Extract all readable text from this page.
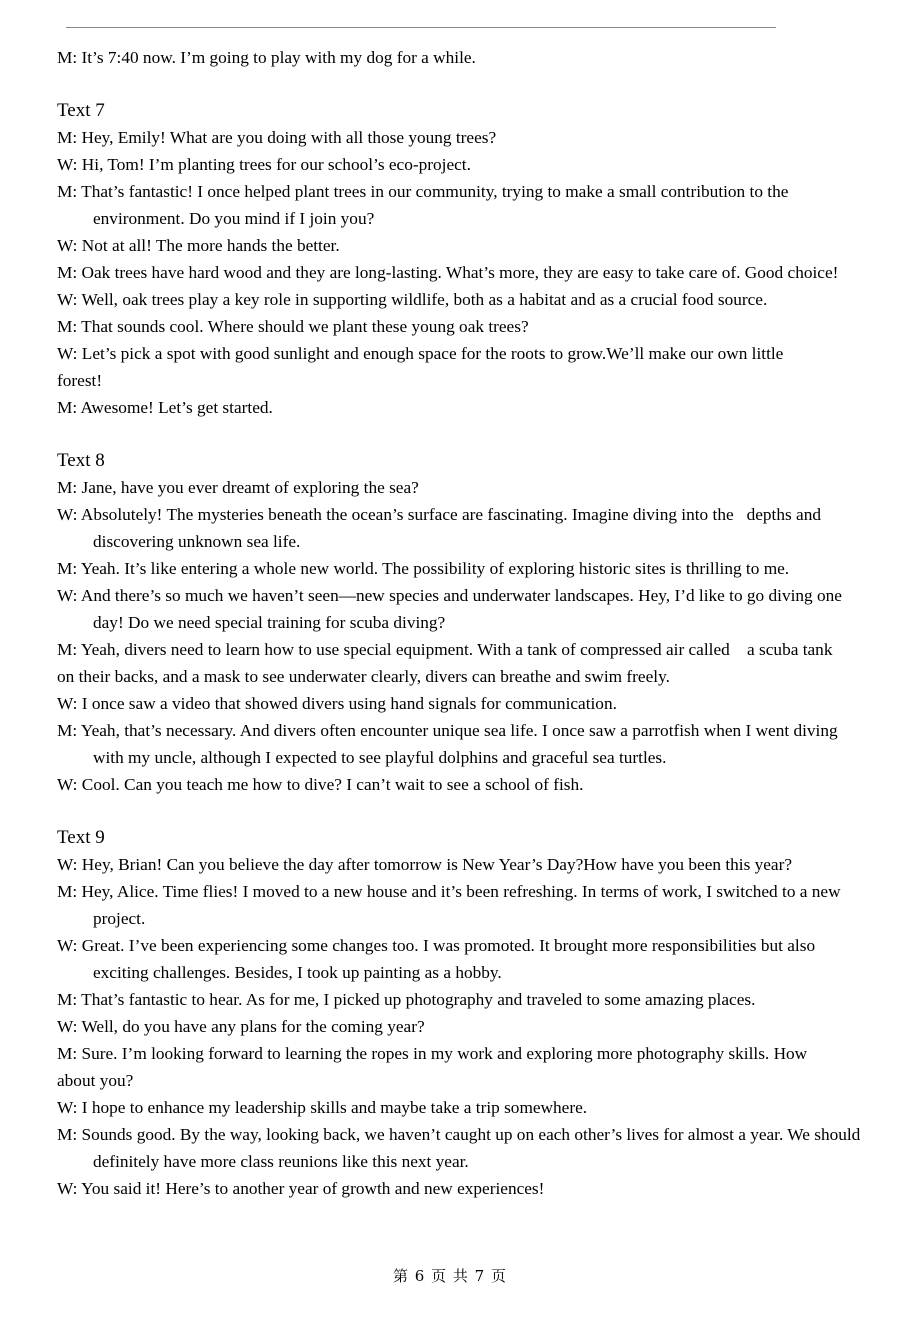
M: It’s 7:40 now. I’m going to play with my dog for a while.
Text 7
M: Hey, Emily! What are you doing with all those young trees?
W: Hi, Tom! I’m planting trees for our school’s eco-project.
M: That’s fantastic! I once helped plant trees in our community, trying to make a small contribution to the environment. Do you mind if I join you?
W: Not at all! The more hands the better.
M: Oak trees have hard wood and they are long-lasting. What’s more, they are easy to take care of. Good choice!
W: Well, oak trees play a key role in supporting wildlife, both as a habitat and as a crucial food source.
M: That sounds cool. Where should we plant these young oak trees?
W: Let’s pick a spot with good sunlight and enough space for the roots to grow.We’ll make our own little forest!
M: Awesome! Let’s get started.
Text 8
M: Jane, have you ever dreamt of exploring the sea?
W: Absolutely! The mysteries beneath the ocean’s surface are fascinating. Imagine diving into the   depths and discovering unknown sea life.
M: Yeah. It’s like entering a whole new world. The possibility of exploring historic sites is thrilling to me.
W: And there’s so much we haven’t seen—new species and underwater landscapes. Hey, I’d like to go diving one day! Do we need special training for scuba diving?
M: Yeah, divers need to learn how to use special equipment. With a tank of compressed air called    a scuba tank on their backs, and a mask to see underwater clearly, divers can breathe and swim freely.
W: I once saw a video that showed divers using hand signals for communication.
M: Yeah, that’s necessary. And divers often encounter unique sea life. I once saw a parrotfish when I went diving with my uncle, although I expected to see playful dolphins and graceful sea turtles.
W: Cool. Can you teach me how to dive? I can’t wait to see a school of fish.
Text 9
W: Hey, Brian! Can you believe the day after tomorrow is New Year’s Day?How have you been this year?
M: Hey, Alice. Time flies! I moved to a new house and it’s been refreshing. In terms of work, I switched to a new project.
W: Great. I’ve been experiencing some changes too. I was promoted. It brought more responsibilities but also exciting challenges. Besides, I took up painting as a hobby.
M: That’s fantastic to hear. As for me, I picked up photography and traveled to some amazing places.
W: Well, do you have any plans for the coming year?
M: Sure. I’m looking forward to learning the ropes in my work and exploring more photography skills. How about you?
W: I hope to enhance my leadership skills and maybe take a trip somewhere.
M: Sounds good. By the way, looking back, we haven’t caught up on each other’s lives for almost a year. We should definitely have more class reunions like this next year.
W: You said it! Here’s to another year of growth and new experiences!
第 6 页 共 7 页
